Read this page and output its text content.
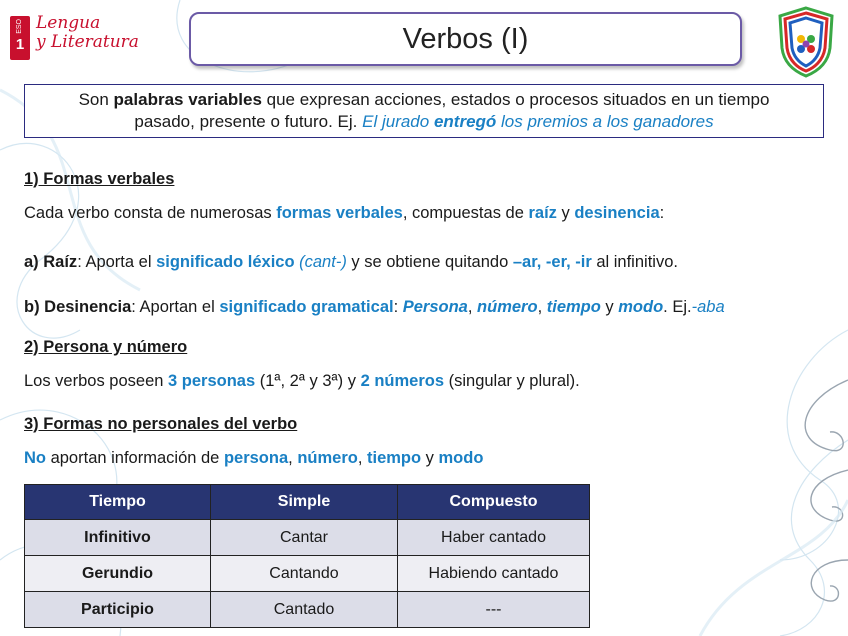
ESO
1
Lengua
y Literatura	Verbos (I)
Son palabras variables que expresan acciones, estados o procesos situados en un tiempo
pasado, presente o futuro. Ej. El jurado entregó los premios a los ganadores
1) Formas verbales
Cada verbo consta de numerosas formas verbales, compuestas de raíz y desinencia:
a) Raíz: Aporta el significado léxico (cant-) y se obtiene quitando –ar, -er, -ir al infinitivo.
b) Desinencia: Aportan el significado gramatical: Persona, número, tiempo y modo. Ej.-aba
2) Persona y número
Los verbos poseen 3 personas (1ª, 2ª y 3ª) y 2 números (singular y plural).
3) Formas no personales del verbo
No aportan información de persona, número, tiempo y modo
Tiempo	Simple	Compuesto
Infinitivo	Cantar	Haber cantado
Gerundio	Cantando	Habiendo cantado
Participio	Cantado	---
